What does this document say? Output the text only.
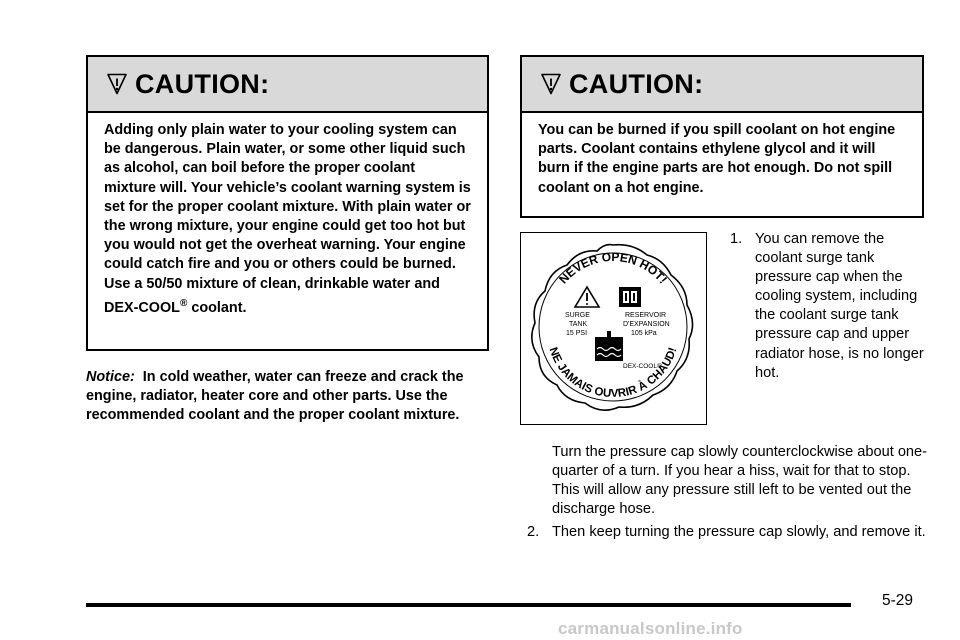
CAUTION:

Adding only plain water to your cooling system can be dangerous. Plain water, or some other liquid such as alcohol, can boil before the proper coolant mixture will. Your vehicle’s coolant warning system is set for the proper coolant mixture. With plain water or the wrong mixture, your engine could get too hot but you would not get the overheat warning. Your engine could catch fire and you or others could be burned. Use a 50/50 mixture of clean, drinkable water and DEX-COOL® coolant.

Notice: In cold weather, water can freeze and crack the engine, radiator, heater core and other parts. Use the recommended coolant and the proper coolant mixture.
CAUTION:

You can be burned if you spill coolant on hot engine parts. Coolant contains ethylene glycol and it will burn if the engine parts are hot enough. Do not spill coolant on a hot engine.

NEVER OPEN HOT!
NE JAMAIS OUVRIR À CHAUD!
SURGE
TANK
15 PSI
RESERVOIR
D'EXPANSION
105 kPa
DEX-COOL®
1. You can remove the coolant surge tank pressure cap when the cooling system, including the coolant surge tank pressure cap and upper radiator hose, is no longer hot.
Turn the pressure cap slowly counterclockwise about one-quarter of a turn. If you hear a hiss, wait for that to stop. This will allow any pressure still left to be vented out the discharge hose.
2. Then keep turning the pressure cap slowly, and remove it.
5-29
carmanualsonline.info
